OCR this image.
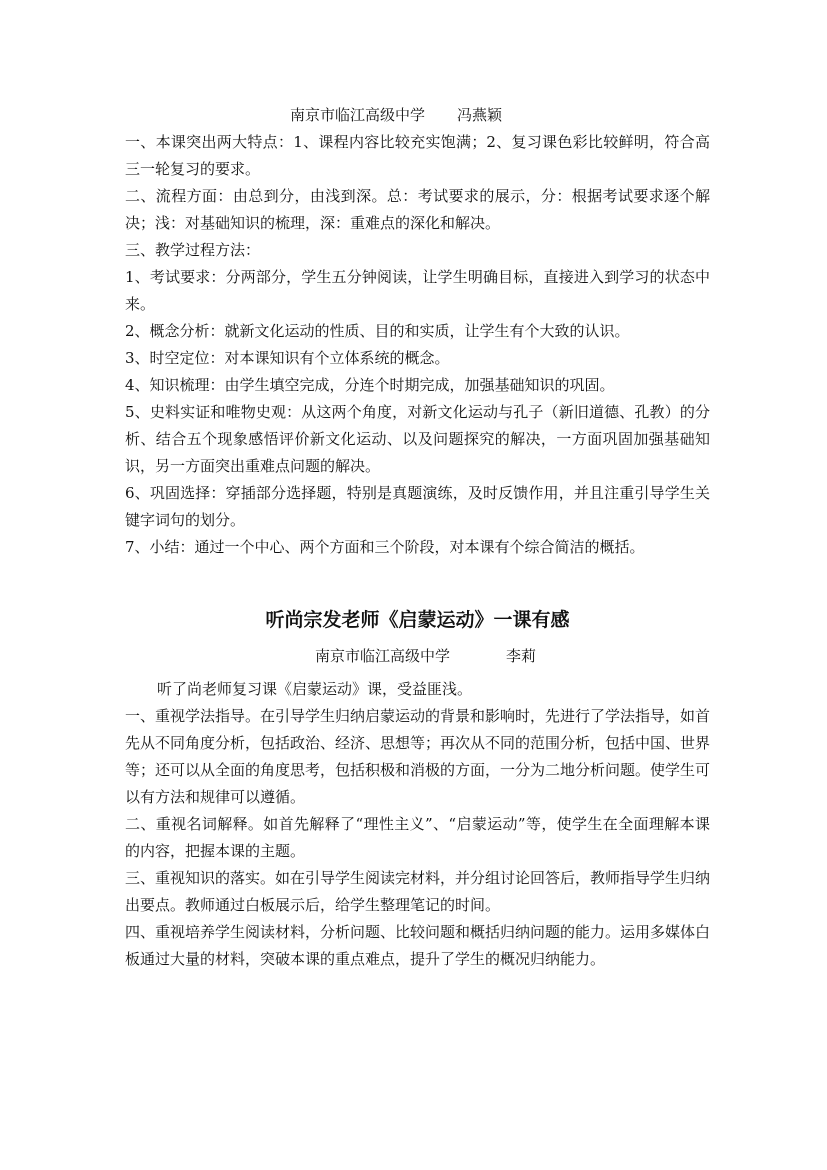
南京市临江高级中学 冯燕颖
一、本课突出两大特点：1、课程内容比较充实饱满；2、复习课色彩比较鲜明，符合高三一轮复习的要求。
二、流程方面：由总到分，由浅到深。总：考试要求的展示，分：根据考试要求逐个解决；浅：对基础知识的梳理，深：重难点的深化和解决。
三、教学过程方法：
1、考试要求：分两部分，学生五分钟阅读，让学生明确目标，直接进入到学习的状态中来。
2、概念分析：就新文化运动的性质、目的和实质，让学生有个大致的认识。
3、时空定位：对本课知识有个立体系统的概念。
4、知识梳理：由学生填空完成，分连个时期完成，加强基础知识的巩固。
5、史料实证和唯物史观：从这两个角度，对新文化运动与孔子（新旧道德、孔教）的分析、结合五个现象感悟评价新文化运动、以及问题探究的解决，一方面巩固加强基础知识，另一方面突出重难点问题的解决。
6、巩固选择：穿插部分选择题，特别是真题演练，及时反馈作用，并且注重引导学生关键字词句的划分。
7、小结：通过一个中心、两个方面和三个阶段，对本课有个综合简洁的概括。
听尚宗发老师《启蒙运动》一课有感
南京市临江高级中学	李莉
听了尚老师复习课《启蒙运动》课，受益匪浅。
一、重视学法指导。在引导学生归纳启蒙运动的背景和影响时，先进行了学法指导，如首先从不同角度分析，包括政治、经济、思想等；再次从不同的范围分析，包括中国、世界等；还可以从全面的角度思考，包括积极和消极的方面，一分为二地分析问题。使学生可以有方法和规律可以遵循。
二、重视名词解释。如首先解释了“理性主义”、“启蒙运动”等，使学生在全面理解本课的内容，把握本课的主题。
三、重视知识的落实。如在引导学生阅读完材料，并分组讨论回答后，教师指导学生归纳出要点。教师通过白板展示后，给学生整理笔记的时间。
四、重视培养学生阅读材料，分析问题、比较问题和概括归纳问题的能力。运用多媒体白板通过大量的材料，突破本课的重点难点，提升了学生的概况归纳能力。
